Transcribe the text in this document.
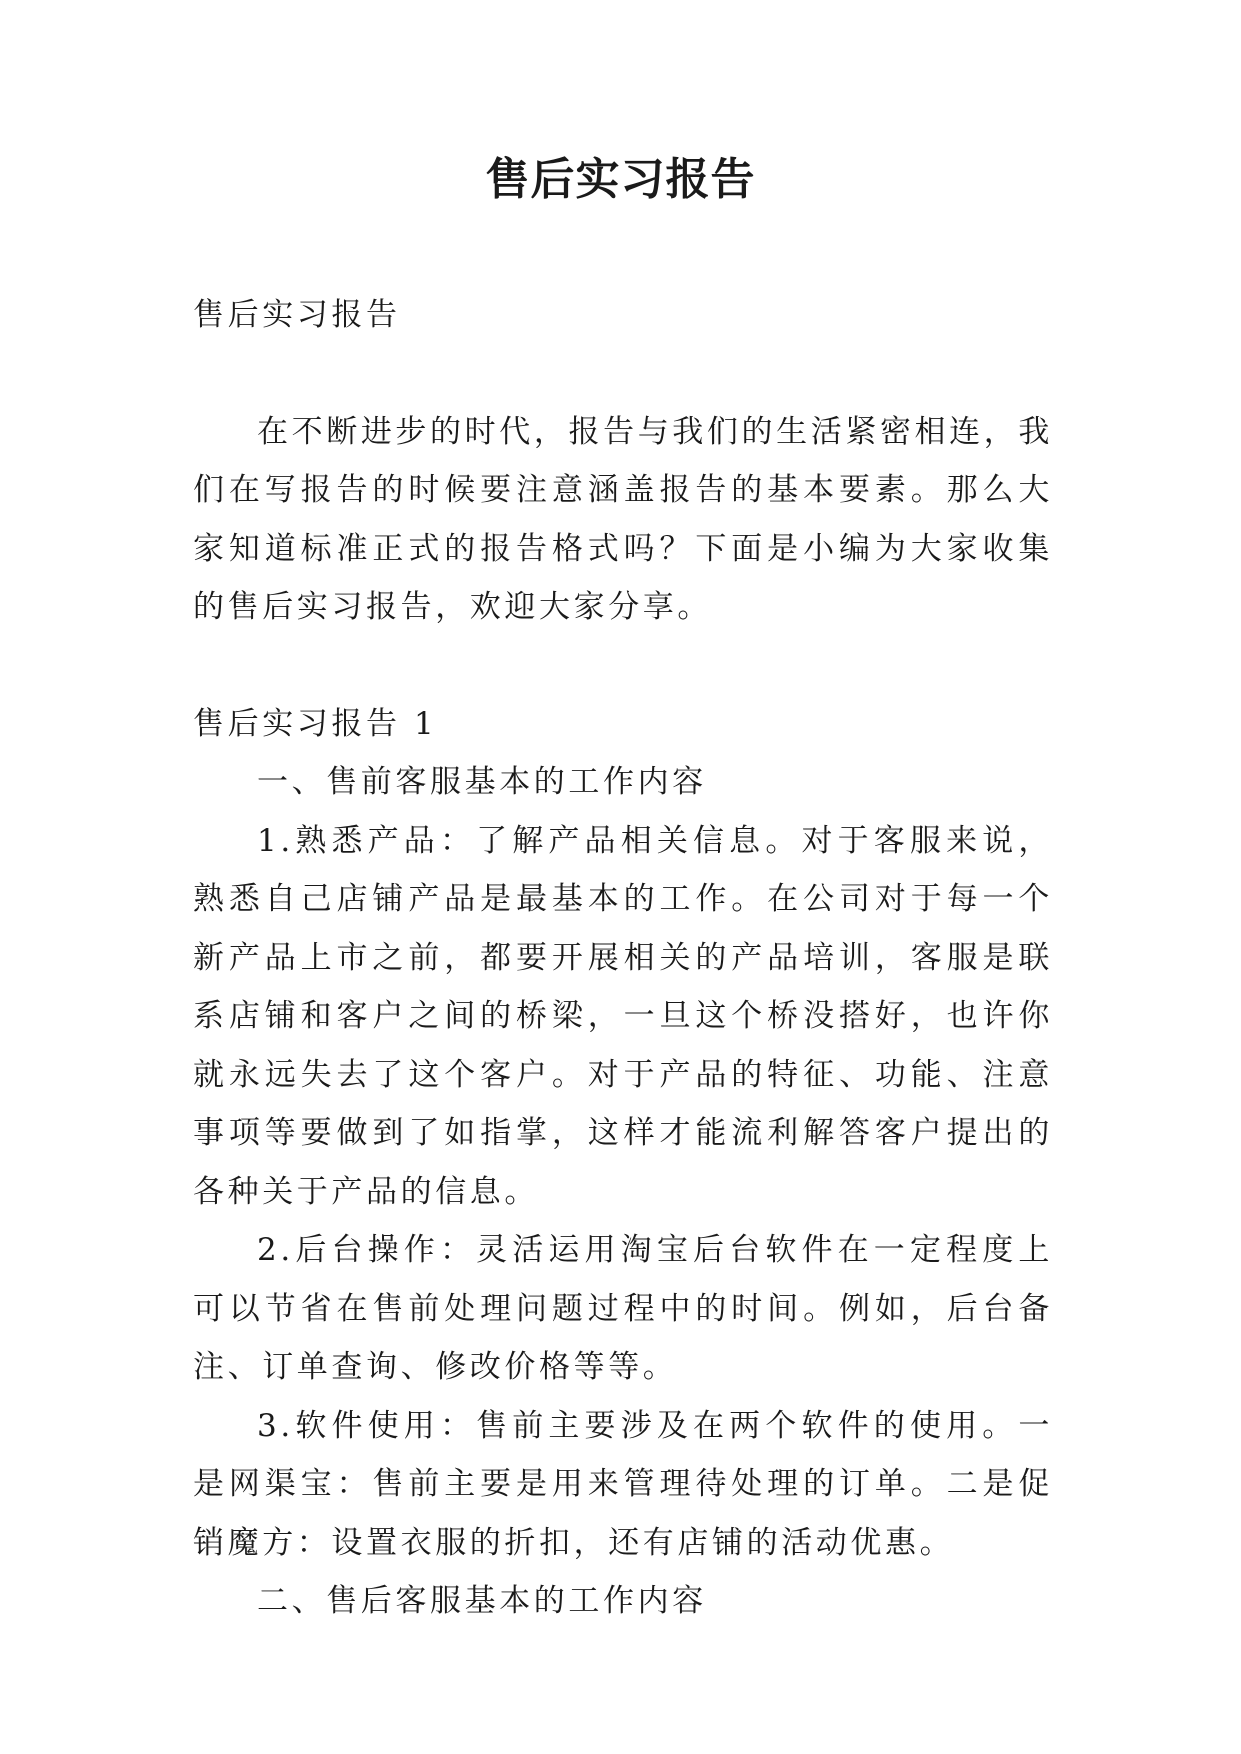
售后实习报告

售后实习报告

在不断进步的时代，报告与我们的生活紧密相连，我们在写报告的时候要注意涵盖报告的基本要素。那么大家知道标准正式的报告格式吗？下面是小编为大家收集的售后实习报告，欢迎大家分享。

售后实习报告 1

一、售前客服基本的工作内容

1.熟悉产品：了解产品相关信息。对于客服来说，熟悉自己店铺产品是最基本的工作。在公司对于每一个新产品上市之前，都要开展相关的产品培训，客服是联系店铺和客户之间的桥梁，一旦这个桥没搭好，也许你就永远失去了这个客户。对于产品的特征、功能、注意事项等要做到了如指掌，这样才能流利解答客户提出的各种关于产品的信息。

2.后台操作：灵活运用淘宝后台软件在一定程度上可以节省在售前处理问题过程中的时间。例如，后台备注、订单查询、修改价格等等。

3.软件使用：售前主要涉及在两个软件的使用。一是网渠宝：售前主要是用来管理待处理的订单。二是促销魔方：设置衣服的折扣，还有店铺的活动优惠。

二、售后客服基本的工作内容
